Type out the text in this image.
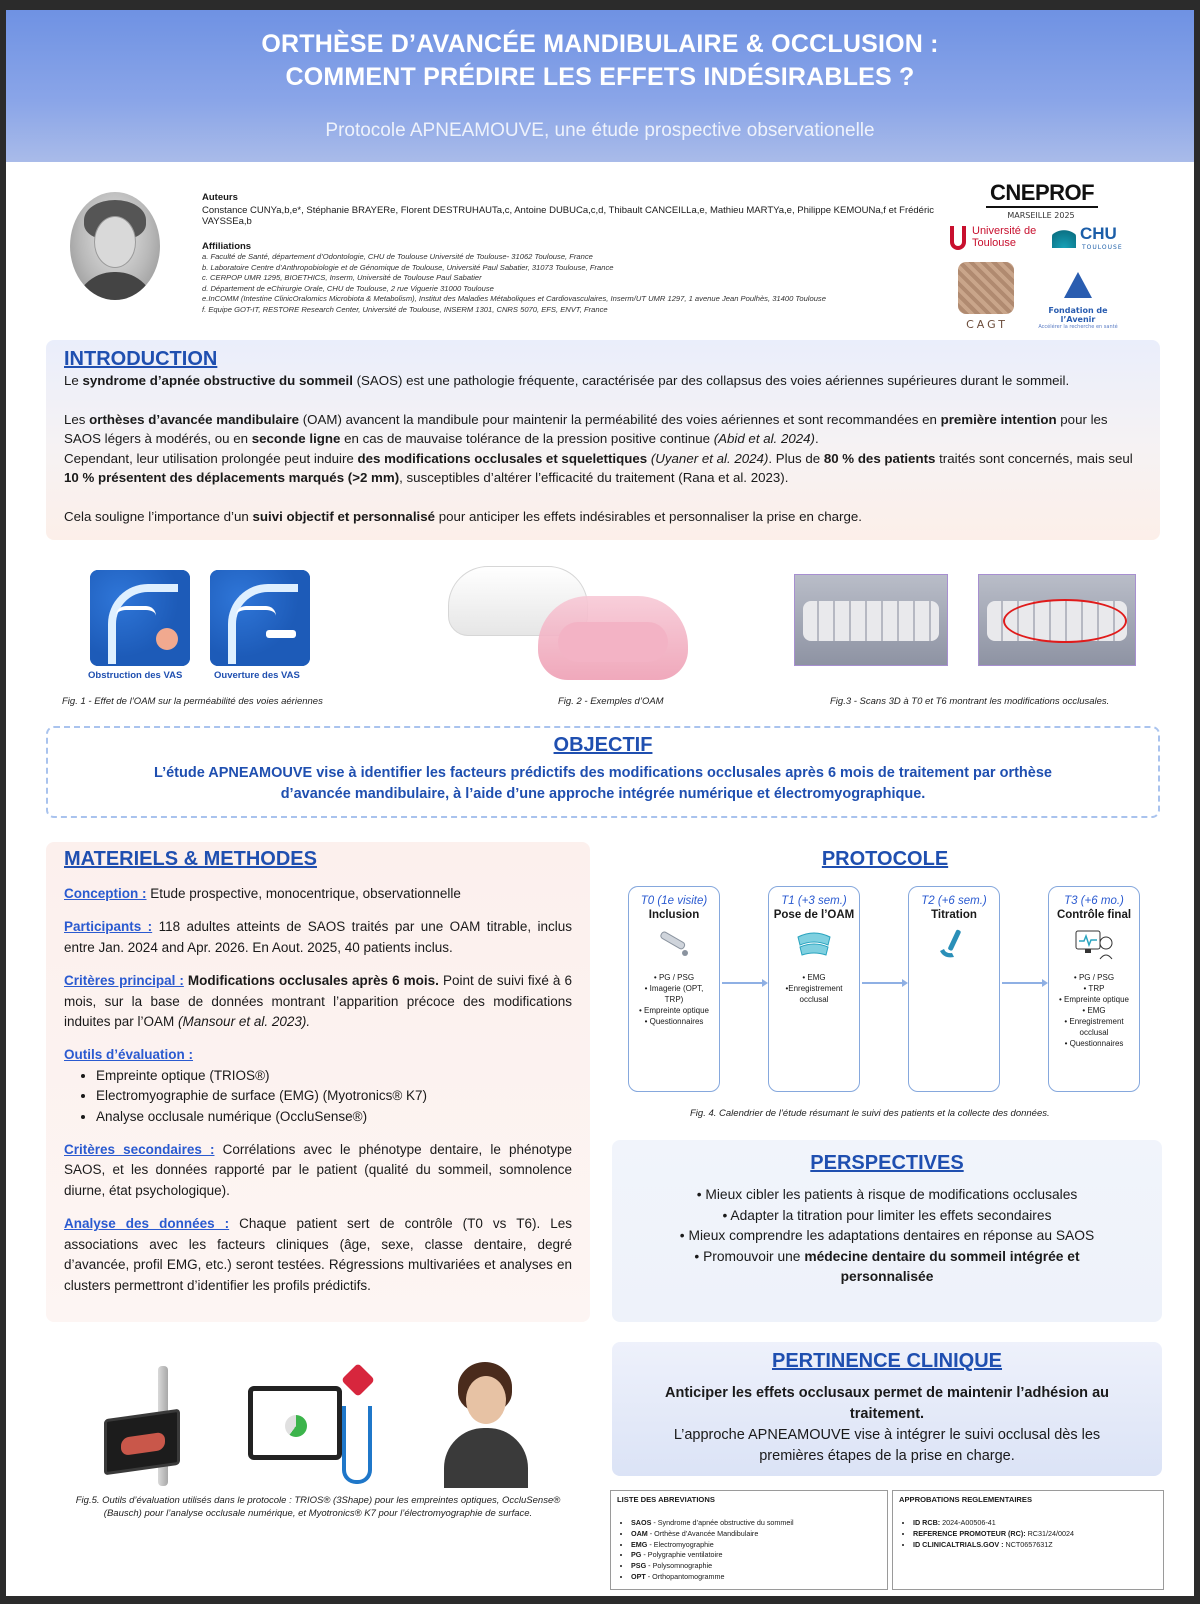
ORTHÈSE D’AVANCÉE MANDIBULAIRE & OCCLUSION :
COMMENT PRÉDIRE LES EFFETS INDÉSIRABLES ?
Protocole APNEAMOUVE, une étude prospective observationelle
Auteurs
Constance CUNYa,b,e*, Stéphanie BRAYERe, Florent DESTRUHAUTa,c, Antoine DUBUCa,c,d, Thibault CANCEILLa,e, Mathieu MARTYa,e, Philippe KEMOUNa,f et Frédéric VAYSSEa,b
Affiliations
a. Faculté de Santé, département d’Odontologie, CHU de Toulouse Université de Toulouse- 31062 Toulouse, France
b. Laboratoire Centre d’Anthropobiologie et de Génomique de Toulouse, Université Paul Sabatier, 31073 Toulouse, France
c. CERPOP UMR 1295, BIOETHICS, Inserm, Université de Toulouse Paul Sabatier
d. Département de eChirurgie Orale, CHU de Toulouse, 2 rue Viguerie 31000 Toulouse
e.InCOMM (Intestine ClinicOralomics Microbiota & Metabolism), Institut des Maladies Métaboliques et Cardiovasculaires, Inserm/UT UMR 1297, 1 avenue Jean Poulhès, 31400 Toulouse
f. Equipe GOT-IT, RESTORE Research Center, Université de Toulouse, INSERM 1301, CNRS 5070, EFS, ENVT, France
CNEPROF
MARSEILLE 2025
Université de Toulouse	CHU
TOULOUSE
CAGT
Fondation de l’Avenir
Accélérer la recherche en santé
INTRODUCTION

Le syndrome d’apnée obstructive du sommeil (SAOS) est une pathologie fréquente, caractérisée par des collapsus des voies aériennes supérieures durant le sommeil.

Les orthèses d’avancée mandibulaire (OAM) avancent la mandibule pour maintenir la perméabilité des voies aériennes et sont recommandées en première intention pour les SAOS légers à modérés, ou en seconde ligne en cas de mauvaise tolérance de la pression positive continue (Abid et al. 2024).

Cependant, leur utilisation prolongée peut induire des modifications occlusales et squelettiques (Uyaner et al. 2024). Plus de 80 % des patients traités sont concernés, mais seul 10 % présentent des déplacements marqués (>2 mm), susceptibles d’altérer l’efficacité du traitement (Rana et al. 2023).

Cela souligne l’importance d’un suivi objectif et personnalisé pour anticiper les effets indésirables et personnaliser la prise en charge.

Obstruction des VAS	Ouverture des VAS
Fig. 1 - Effet de l’OAM sur la perméabilité des voies aériennes	Fig. 2 - Exemples d’OAM	Fig.3 - Scans 3D à T0 et T6 montrant les modifications occlusales.
OBJECTIF
L’étude APNEAMOUVE vise à identifier les facteurs prédictifs des modifications occlusales après 6 mois de traitement par orthèse
d’avancée mandibulaire, à l’aide d’une approche intégrée numérique et électromyographique.
MATERIELS & METHODES

Conception : Etude prospective, monocentrique, observationnelle

Participants : 118 adultes atteints de SAOS traités par une OAM titrable, inclus entre Jan. 2024 and Apr. 2026. En Aout. 2025, 40 patients inclus.

Critères principal : Modifications occlusales après 6 mois. Point de suivi fixé à 6 mois, sur la base de données montrant l’apparition précoce des modifications induites par l’OAM (Mansour et al. 2023).

Outils d’évaluation :

• Empreinte optique (TRIOS®)
• Electromyographie de surface (EMG) (Myotronics® K7)
• Analyse occlusale numérique (OccluSense®)

Critères secondaires : Corrélations avec le phénotype dentaire, le phénotype SAOS, et les données rapporté par le patient (qualité du sommeil, somnolence diurne, état psychologique).

Analyse des données : Chaque patient sert de contrôle (T0 vs T6). Les associations avec les facteurs cliniques (âge, sexe, classe dentaire, degré d’avancée, profil EMG, etc.) seront testées. Régressions multivariées et analyses en clusters permettront d’identifier les profils prédictifs.

PROTOCOLE
T0 (1e visite)
Inclusion
• PG / PSG
• Imagerie (OPT,
TRP)
• Empreinte optique
• Questionnaires
T1 (+3 sem.)
Pose de l’OAM
• EMG
•Enregistrement
occlusal
T2 (+6 sem.)
Titration
T3 (+6 mo.)
Contrôle final
• PG / PSG
• TRP
• Empreinte optique
• EMG
• Enregistrement
occlusal
• Questionnaires
Fig. 4. Calendrier de l’étude résumant le suivi des patients et la collecte des données.
PERSPECTIVES
• Mieux cibler les patients à risque de modifications occlusales
• Adapter la titration pour limiter les effets secondaires
• Mieux comprendre les adaptations dentaires en réponse au SAOS
• Promouvoir une médecine dentaire du sommeil intégrée et
personnalisée
Fig.5. Outils d’évaluation utilisés dans le protocole : TRIOS® (3Shape) pour les empreintes optiques, OccluSense®
(Bausch) pour l’analyse occlusale numérique, et Myotronics® K7 pour l’électromyographie de surface.
PERTINENCE CLINIQUE
Anticiper les effets occlusaux permet de maintenir l’adhésion au
traitement.
L’approche APNEAMOUVE vise à intégrer le suivi occlusal dès les
premières étapes de la prise en charge.
LISTE DES ABREVIATIONS
• SAOS - Syndrome d’apnée obstructive du sommeil
• OAM - Orthèse d’Avancée Mandibulaire
• EMG - Electromyographie
• PG - Polygraphie ventilatoire
• PSG - Polysomnographie
• OPT - Orthopantomogramme
APPROBATIONS REGLEMENTAIRES
• ID RCB: 2024-A00506-41
• REFERENCE PROMOTEUR (RC): RC31/24/0024
• ID CLINICALTRIALS.GOV : NCT0657631Z
